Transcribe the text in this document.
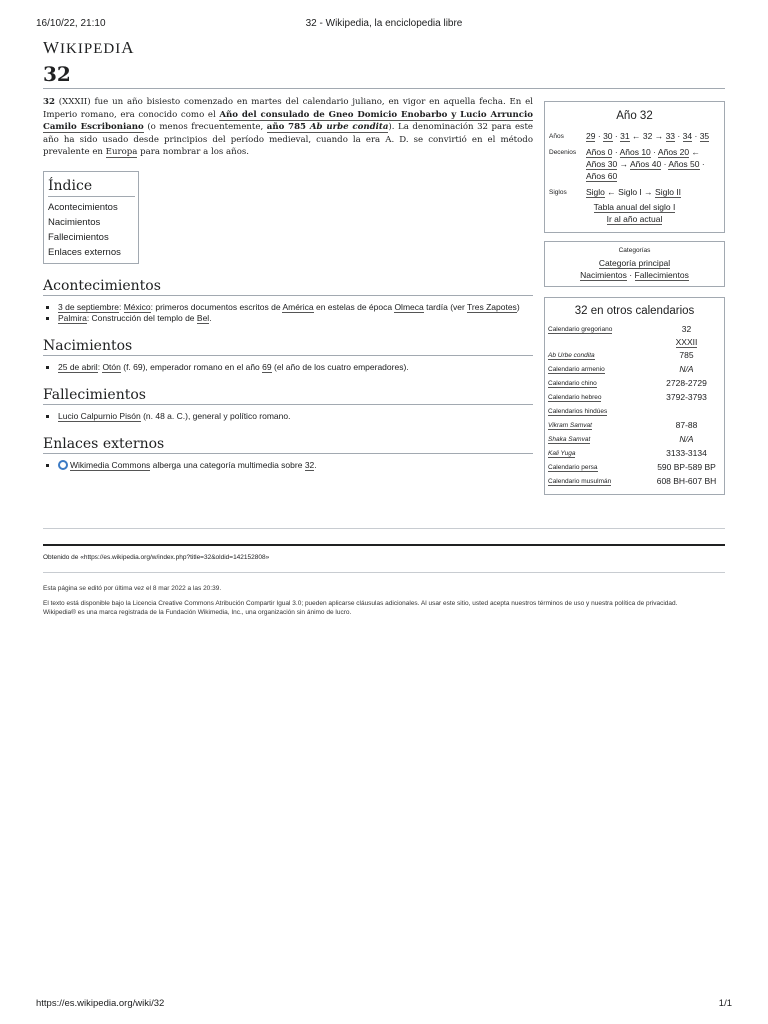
16/10/22, 21:10	32 - Wikipedia, la enciclopedia libre
WIKIPEDIA
32

32 (XXXII) fue un año bisiesto comenzado en martes del calendario juliano, en vigor en aquella fecha. En el Imperio romano, era conocido como el Año del consulado de Gneo Domicio Enobarbo y Lucio Arruncio Camilo Escriboniano (o menos frecuentemente, año 785 Ab urbe condita). La denominación 32 para este año ha sido usado desde principios del período medieval, cuando la era A. D. se convirtió en el método prevalente en Europa para nombrar a los años.

Índice
Acontecimientos
Nacimientos
Fallecimientos
Enlaces externos
Acontecimientos
▪ 3 de septiembre: México: primeros documentos escritos de América en estelas de época Olmeca tardía (ver Tres Zapotes)
▪ Palmira: Construcción del templo de Bel.
Nacimientos
▪ 25 de abril: Otón (f. 69), emperador romano en el año 69 (el año de los cuatro emperadores).
Fallecimientos
▪ Lucio Calpurnio Pisón (n. 48 a. C.), general y político romano.
Enlaces externos
▪ Wikimedia Commons alberga una categoría multimedia sobre 32.
Año 32
Años	29 · 30 · 31 ← 32 → 33 · 34 · 35
Decenios	Años 0 · Años 10 · Años 20 ← Años 30 → Años 40 · Años 50 · Años 60
Siglos	Siglo ← Siglo I → Siglo II
Tabla anual del siglo I
Ir al año actual
Categorías
Categoría principal
Nacimientos · Fallecimientos
32 en otros calendarios
Calendario gregoriano	32
XXXII
Ab Urbe condita	785
Calendario armenio	N/A
Calendario chino	2728-2729
Calendario hebreo	3792-3793
Calendarios hindúes	
Vikram Samvat	87-88
Shaka Samvat	N/A
Kali Yuga	3133-3134
Calendario persa	590 BP-589 BP
Calendario musulmán	608 BH-607 BH
Obtenido de «https://es.wikipedia.org/w/index.php?title=32&oldid=142152808»

Esta página se editó por última vez el 8 mar 2022 a las 20:39.

El texto está disponible bajo la Licencia Creative Commons Atribución Compartir Igual 3.0; pueden aplicarse cláusulas adicionales. Al usar este sitio, usted acepta nuestros términos de uso y nuestra política de privacidad.

Wikipedia® es una marca registrada de la Fundación Wikimedia, Inc., una organización sin ánimo de lucro.

https://es.wikipedia.org/wiki/32	1/1
